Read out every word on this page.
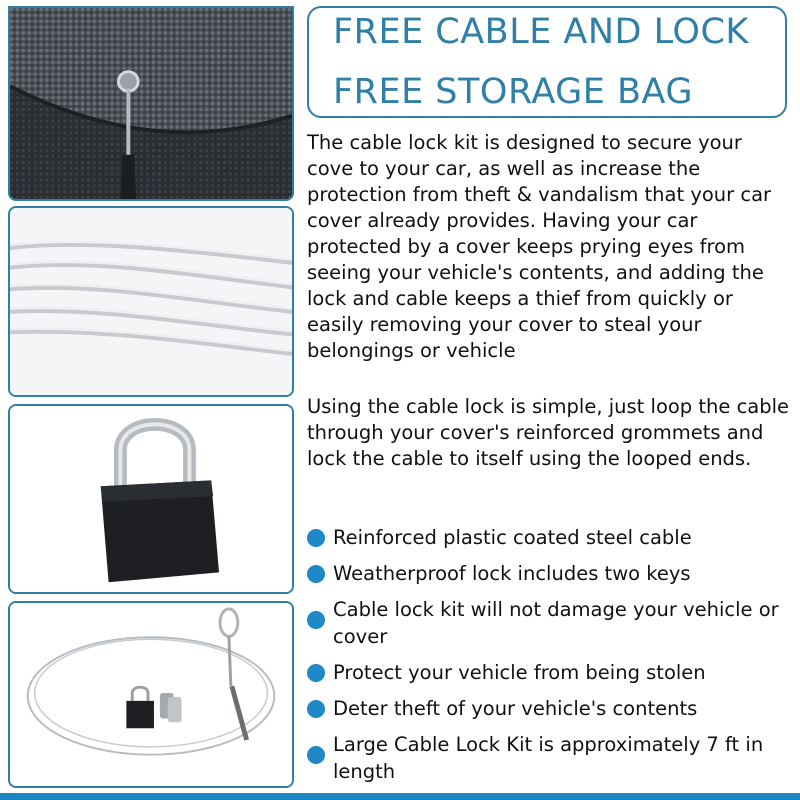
FREE CABLE AND LOCK
FREE STORAGE BAG

The cable lock kit is designed to secure your cove to your car, as well as increase the protection from theft & vandalism that your car cover already provides. Having your car protected by a cover keeps prying eyes from seeing your vehicle's contents, and adding the lock and cable keeps a thief from quickly or easily removing your cover to steal your belongings or vehicle

Using the cable lock is simple, just loop the cable through your cover's reinforced grommets and lock the cable to itself using the looped ends.

Reinforced plastic coated steel cable
Weatherproof lock includes two keys
Cable lock kit will not damage your vehicle or cover
Protect your vehicle from being stolen
Deter theft of your vehicle's contents
Large Cable Lock Kit is approximately 7 ft in length
